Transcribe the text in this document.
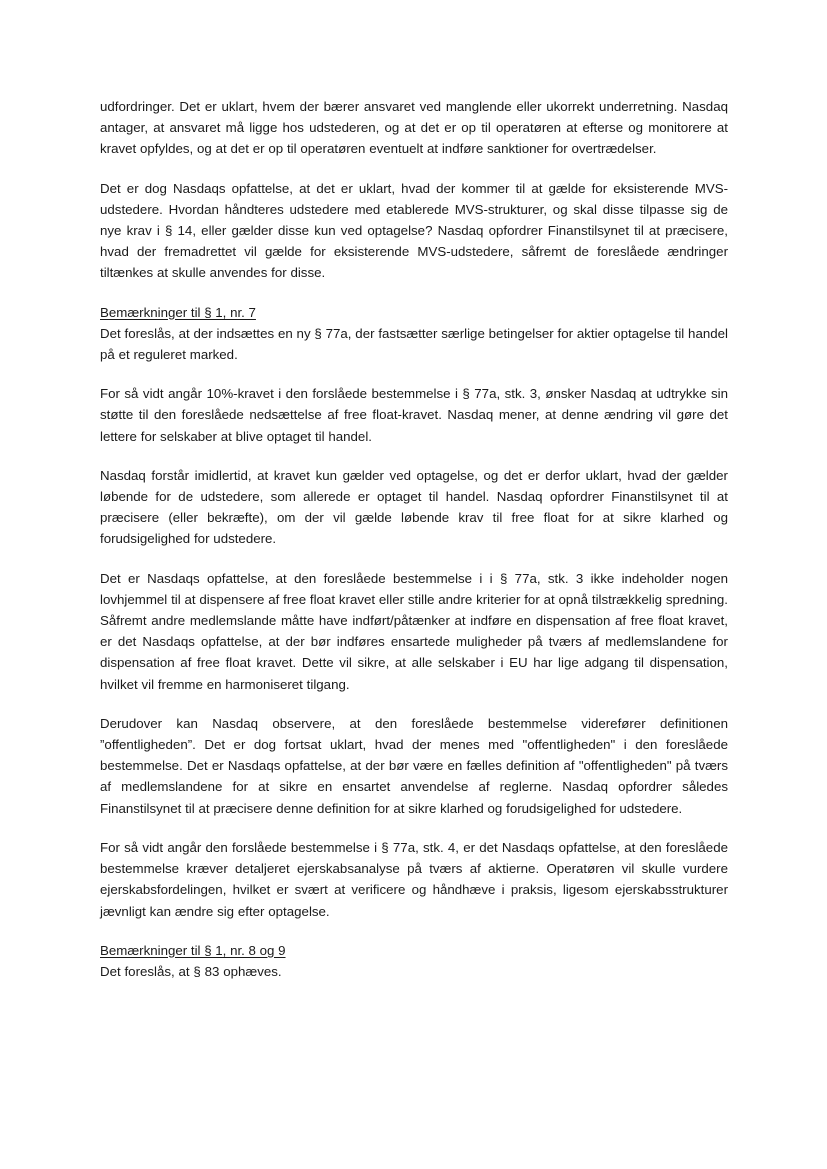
udfordringer. Det er uklart, hvem der bærer ansvaret ved manglende eller ukorrekt underretning. Nasdaq antager, at ansvaret må ligge hos udstederen, og at det er op til operatøren at efterse og monitorere at kravet opfyldes, og at det er op til operatøren eventuelt at indføre sanktioner for overtrædelser.

Det er dog Nasdaqs opfattelse, at det er uklart, hvad der kommer til at gælde for eksisterende MVS-udstedere. Hvordan håndteres udstedere med etablerede MVS-strukturer, og skal disse tilpasse sig de nye krav i § 14, eller gælder disse kun ved optagelse? Nasdaq opfordrer Finanstilsynet til at præcisere, hvad der fremadrettet vil gælde for eksisterende MVS-udstedere, såfremt de foreslåede ændringer tiltænkes at skulle anvendes for disse.

Bemærkninger til § 1, nr. 7

Det foreslås, at der indsættes en ny § 77a, der fastsætter særlige betingelser for aktier optagelse til handel på et reguleret marked.

For så vidt angår 10%-kravet i den forslåede bestemmelse i § 77a, stk. 3, ønsker Nasdaq at udtrykke sin støtte til den foreslåede nedsættelse af free float-kravet. Nasdaq mener, at denne ændring vil gøre det lettere for selskaber at blive optaget til handel.

Nasdaq forstår imidlertid, at kravet kun gælder ved optagelse, og det er derfor uklart, hvad der gælder løbende for de udstedere, som allerede er optaget til handel. Nasdaq opfordrer Finanstilsynet til at præcisere (eller bekræfte), om der vil gælde løbende krav til free float for at sikre klarhed og forudsigelighed for udstedere.

Det er Nasdaqs opfattelse, at den foreslåede bestemmelse i i § 77a, stk. 3 ikke indeholder nogen lovhjemmel til at dispensere af free float kravet eller stille andre kriterier for at opnå tilstrækkelig spredning. Såfremt andre medlemslande måtte have indført/påtænker at indføre en dispensation af free float kravet, er det Nasdaqs opfattelse, at der bør indføres ensartede muligheder på tværs af medlemslandene for dispensation af free float kravet. Dette vil sikre, at alle selskaber i EU har lige adgang til dispensation, hvilket vil fremme en harmoniseret tilgang.

Derudover kan Nasdaq observere, at den foreslåede bestemmelse viderefører definitionen ”offentligheden”. Det er dog fortsat uklart, hvad der menes med "offentligheden" i den foreslåede bestemmelse. Det er Nasdaqs opfattelse, at der bør være en fælles definition af "offentligheden" på tværs af medlemslandene for at sikre en ensartet anvendelse af reglerne. Nasdaq opfordrer således Finanstilsynet til at præcisere denne definition for at sikre klarhed og forudsigelighed for udstedere.

For så vidt angår den forslåede bestemmelse i § 77a, stk. 4, er det Nasdaqs opfattelse, at den foreslåede bestemmelse kræver detaljeret ejerskabsanalyse på tværs af aktierne. Operatøren vil skulle vurdere ejerskabsfordelingen, hvilket er svært at verificere og håndhæve i praksis, ligesom ejerskabsstrukturer jævnligt kan ændre sig efter optagelse.

Bemærkninger til § 1, nr. 8 og 9

Det foreslås, at § 83 ophæves.
